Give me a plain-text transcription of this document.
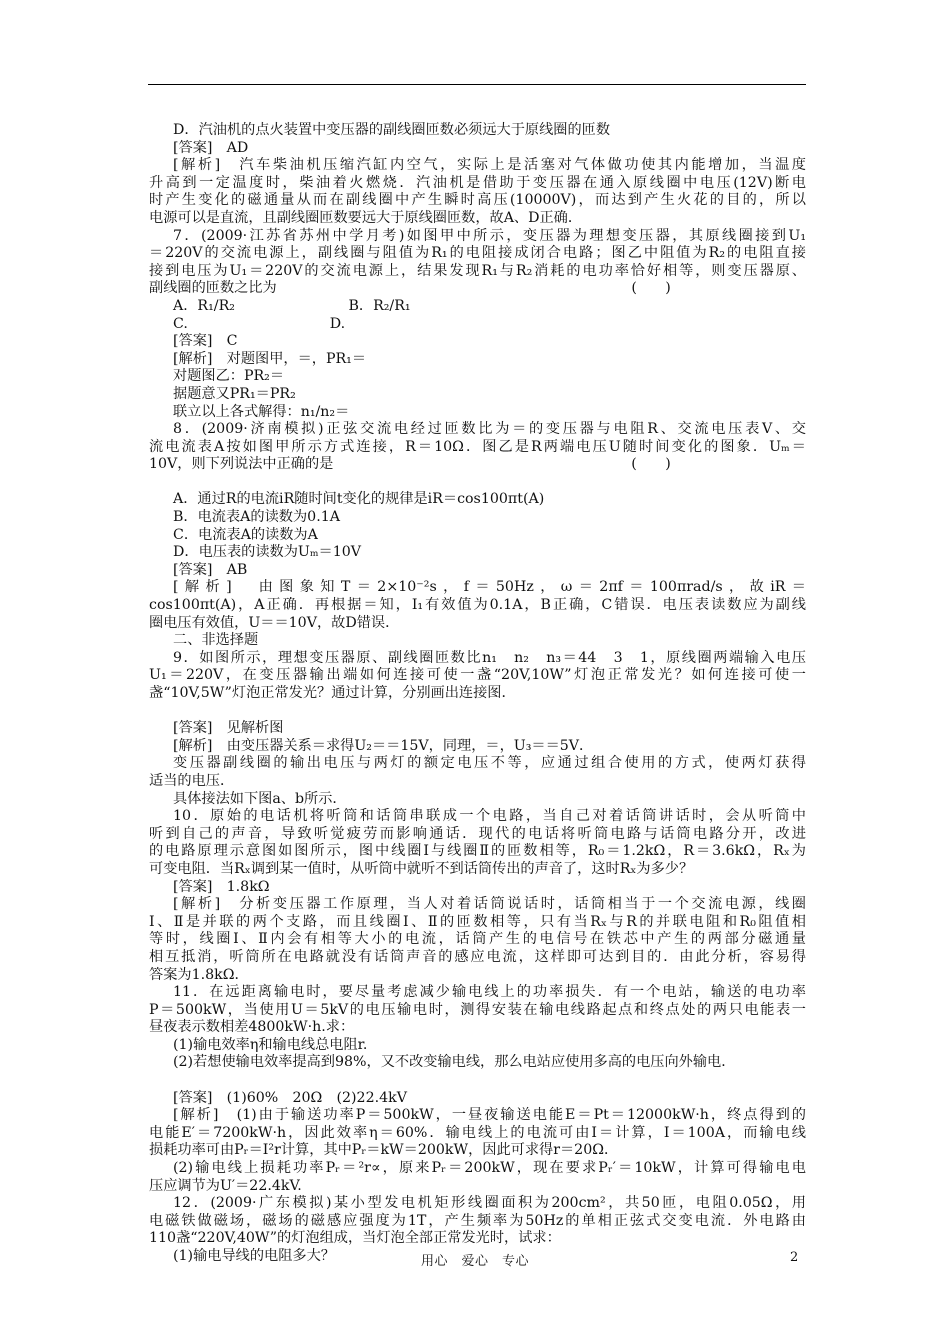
D．汽油机的点火装置中变压器的副线圈匝数必须远大于原线圈的匝数
[答案]　AD
[解析]　汽车柴油机压缩汽缸内空气，实际上是活塞对气体做功使其内能增加，当温度
升高到一定温度时，柴油着火燃烧．汽油机是借助于变压器在通入原线圈中电压(12V)断电
时产生变化的磁通量从而在副线圈中产生瞬时高压(10000V)，而达到产生火花的目的，所以
电源可以是直流，且副线圈匝数要远大于原线圈匝数，故A、D正确．
7．(2009·江苏省苏州中学月考)如图甲中所示，变压器为理想变压器，其原线圈接到U₁
＝220V的交流电源上，副线圈与阻值为R₁的电阻接成闭合电路；图乙中阻值为R₂的电阻直接
接到电压为U₁＝220V的交流电源上，结果发现R₁与R₂消耗的电功率恰好相等，则变压器原、
副线圈的匝数之比为　　　　　　　　　　　　　　　　　　　　　　　　　(　　)
A．R₁/R₂　　　　　　　　B．R₂/R₁
C.　　　　　　　　　　D.
[答案]　C
[解析]　对题图甲，＝，PR₁＝
对题图乙：PR₂＝
据题意又PR₁＝PR₂
联立以上各式解得：n₁/n₂＝
8．(2009·济南模拟)正弦交流电经过匝数比为＝的变压器与电阻R、交流电压表V、交
流电流表A按如图甲所示方式连接，R＝10Ω．图乙是R两端电压U随时间变化的图象．Uₘ＝
10V，则下列说法中正确的是　　　　　　　　　　　　　　　　　　　　　(　　)
A．通过R的电流iR随时间t变化的规律是iR＝cos100πt(A)
B．电流表A的读数为0.1A
C．电流表A的读数为A
D．电压表的读数为Uₘ＝10V
[答案]　AB
[解析]　由图象知T＝2×10⁻²s，f＝50Hz，ω＝2πf＝100πrad/s，故iR＝
cos100πt(A)，A正确．再根据＝知，I₁有效值为0.1A，B正确，C错误．电压表读数应为副线
圈电压有效值，U＝＝10V，故D错误．
二、非选择题
9．如图所示，理想变压器原、副线圈匝数比n₁　n₂　n₃＝44　3　1，原线圈两端输入电压
U₁＝220V，在变压器输出端如何连接可使一盏“20V,10W”灯泡正常发光？如何连接可使一
盏“10V,5W”灯泡正常发光？通过计算，分别画出连接图．
[答案]　见解析图
[解析]　由变压器关系＝求得U₂＝＝15V，同理，＝，U₃＝＝5V．
变压器副线圈的输出电压与两灯的额定电压不等，应通过组合使用的方式，使两灯获得
适当的电压．
具体接法如下图a、b所示．
10．原始的电话机将听筒和话筒串联成一个电路，当自己对着话筒讲话时，会从听筒中
听到自己的声音，导致听觉疲劳而影响通话．现代的电话将听筒电路与话筒电路分开，改进
的电路原理示意图如图所示，图中线圈Ⅰ与线圈Ⅱ的匝数相等，R₀＝1.2kΩ，R＝3.6kΩ，Rₓ为
可变电阻．当Rₓ调到某一值时，从听筒中就听不到话筒传出的声音了，这时Rₓ为多少？
[答案]　1.8kΩ
[解析]　分析变压器工作原理，当人对着话筒说话时，话筒相当于一个交流电源，线圈
Ⅰ、Ⅱ是并联的两个支路，而且线圈Ⅰ、Ⅱ的匝数相等，只有当Rₓ与R的并联电阻和R₀阻值相
等时，线圈Ⅰ、Ⅱ内会有相等大小的电流，话筒产生的电信号在铁芯中产生的两部分磁通量
相互抵消，听筒所在电路就没有话筒声音的感应电流，这样即可达到目的．由此分析，容易得
答案为1.8kΩ．
11．在远距离输电时，要尽量考虑减少输电线上的功率损失．有一个电站，输送的电功率
P＝500kW，当使用U＝5kV的电压输电时，测得安装在输电线路起点和终点处的两只电能表一
昼夜表示数相差4800kW·h.求：
(1)输电效率η和输电线总电阻r.
(2)若想使输电效率提高到98%，又不改变输电线，那么电站应使用多高的电压向外输电．
[答案]　(1)60%　20Ω　(2)22.4kV
[解析]　(1)由于输送功率P＝500kW，一昼夜输送电能E＝Pt＝12000kW·h，终点得到的
电能E′＝7200kW·h，因此效率η＝60%．输电线上的电流可由I＝计算，I＝100A，而输电线
损耗功率可由Pᵣ＝I²r计算，其中Pᵣ＝kW＝200kW，因此可求得r＝20Ω．
(2)输电线上损耗功率Pᵣ＝²r∝，原来Pᵣ＝200kW，现在要求Pᵣ′＝10kW，计算可得输电电
压应调节为U′＝22.4kV.
12．(2009·广东模拟)某小型发电机矩形线圈面积为200cm²，共50匝，电阻0.05Ω，用
电磁铁做磁场，磁场的磁感应强度为1T，产生频率为50Hz的单相正弦式交变电流．外电路由
110盏“220V,40W”的灯泡组成，当灯泡全部正常发光时，试求：
(1)输电导线的电阻多大？	用心　爱心　专心	2
